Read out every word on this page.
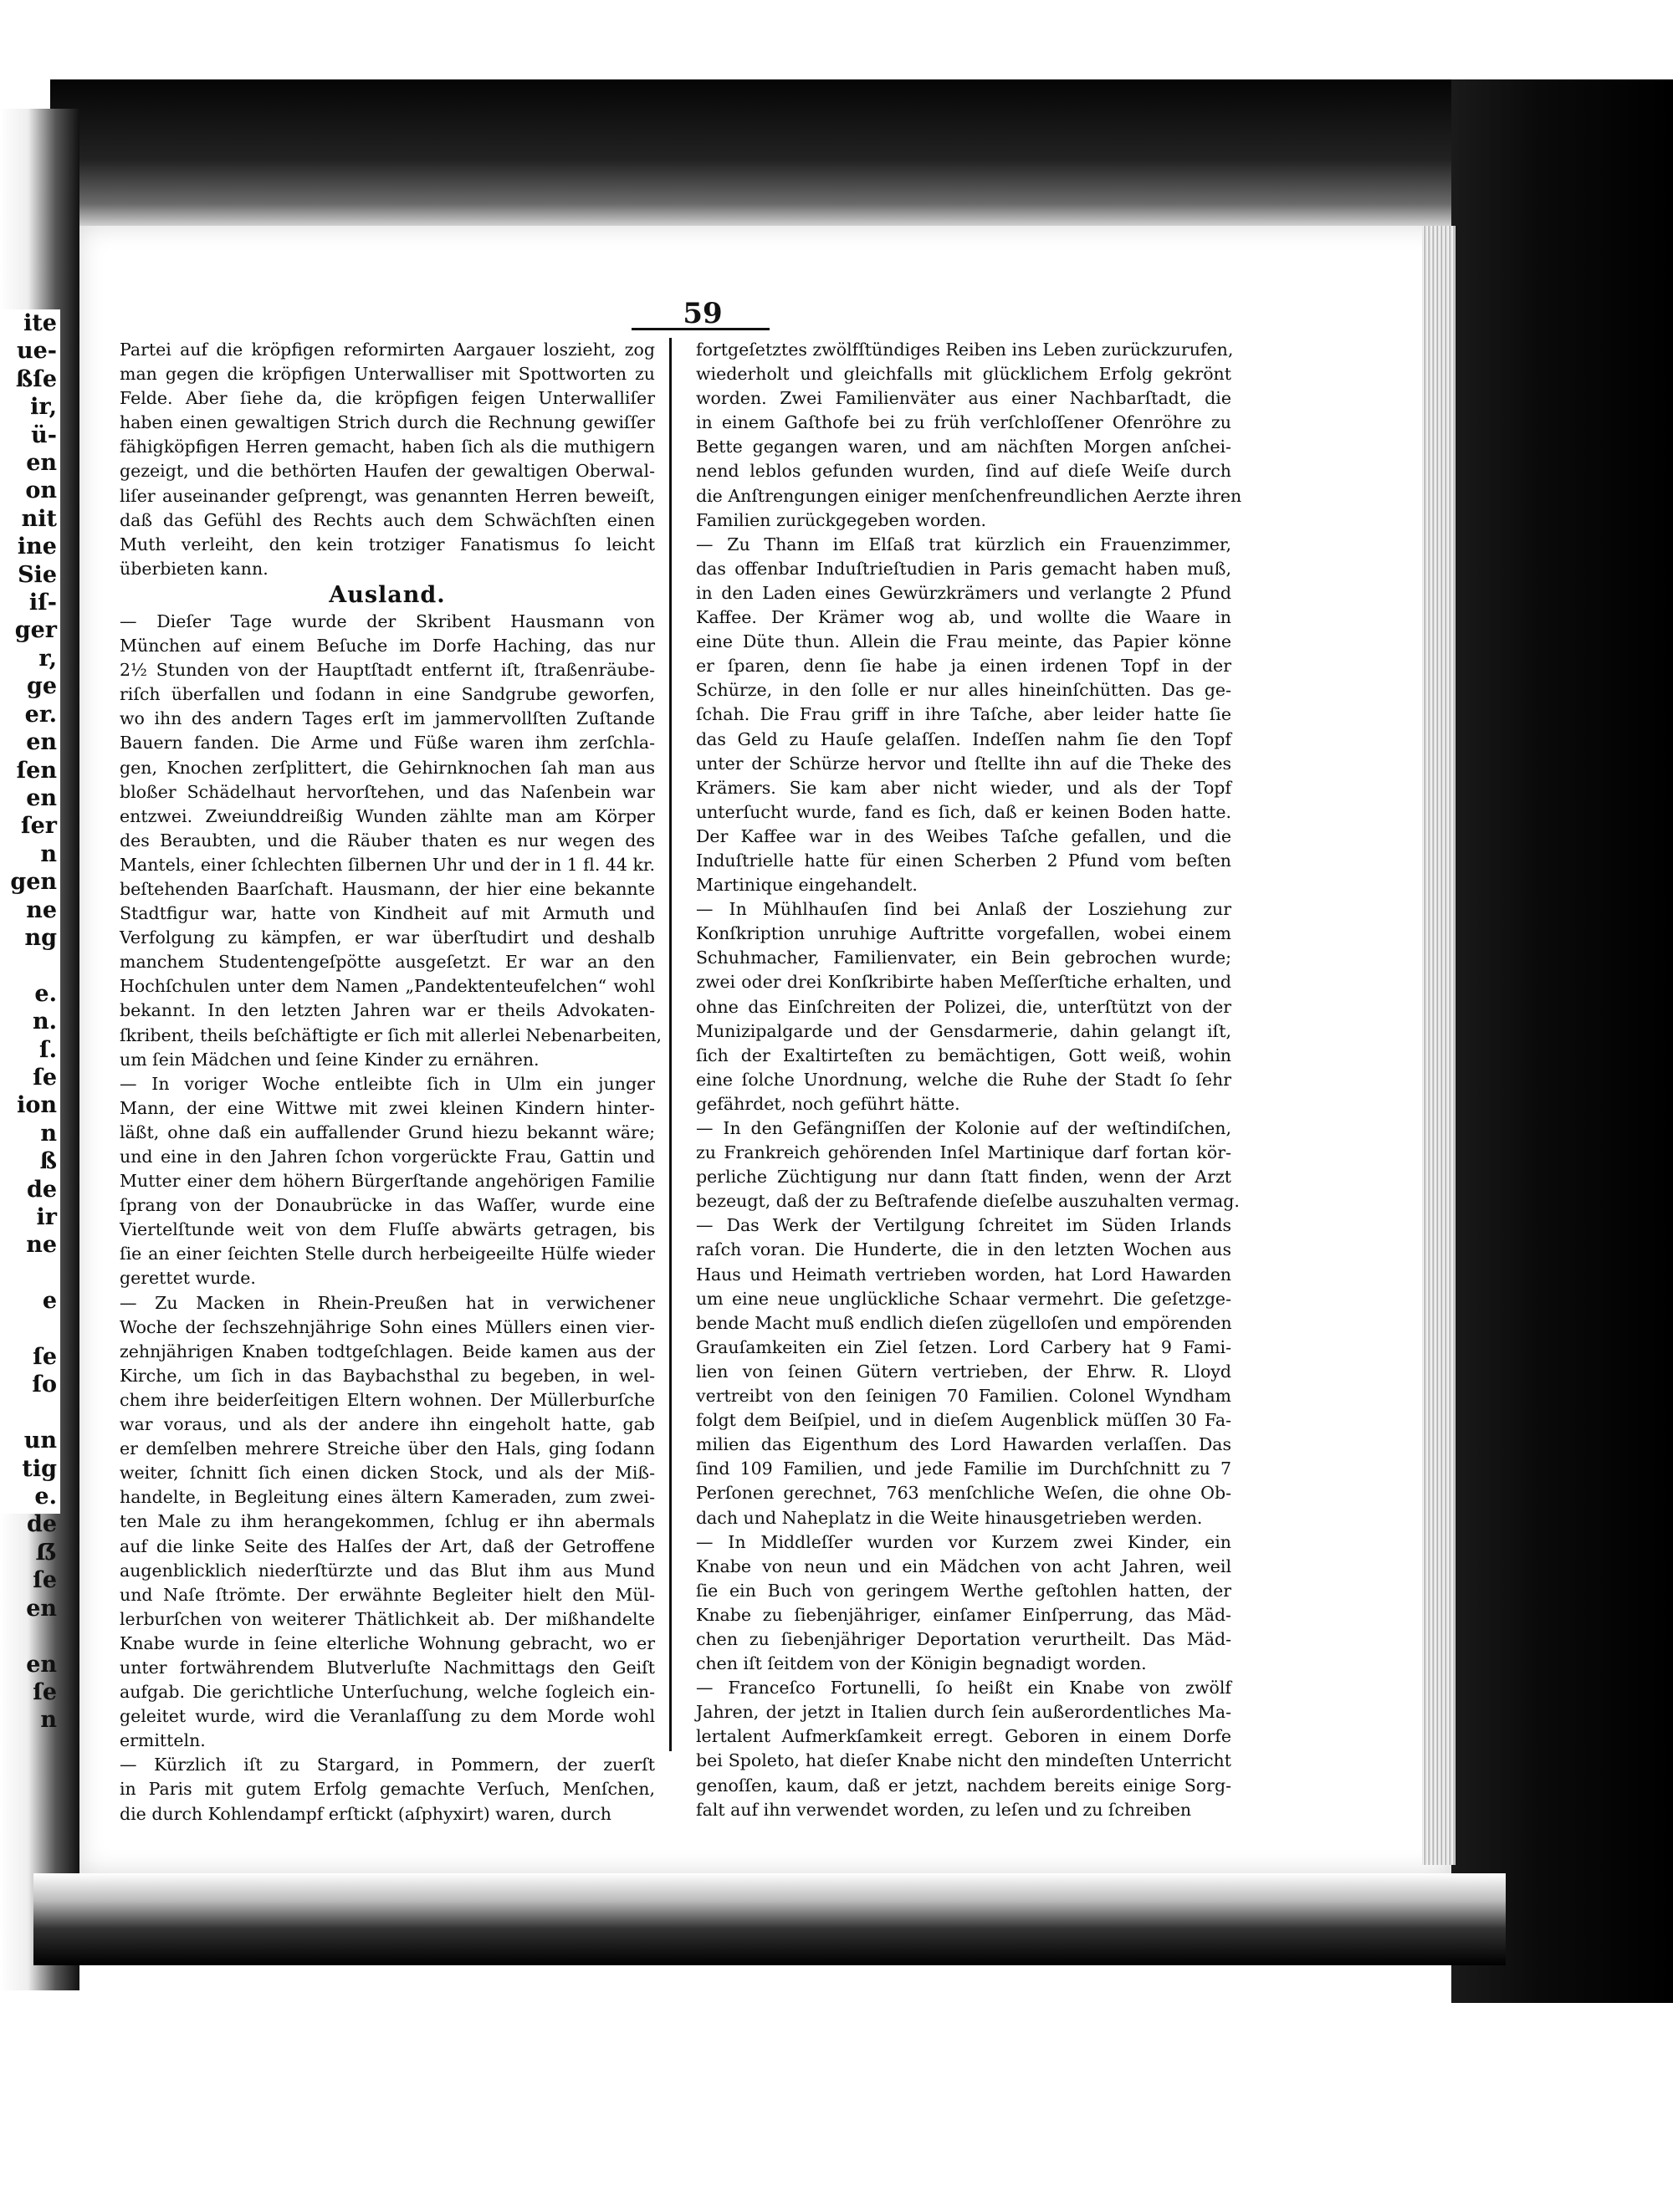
ite
ue-
ßſe
ir,
ü-
en
on
nit
ine
Sie
iſ-
ger
r,
ge
er.
en
ſen
en
ſer
n
gen
ne
ng

e.
n.
ſ.
ſe
ion
n
ß
de
ir
ne

e

ſe
ſo

un
tig
e.
de
ẞ
ſe
en

en
ſe
n
59
Partei auf die kröpfigen reformirten Aargauer loszieht, zog
man gegen die kröpfigen Unterwalliser mit Spottworten zu
Felde. Aber ſiehe da, die kröpfigen feigen Unterwalliſer
haben einen gewaltigen Strich durch die Rechnung gewiſſer
fähigköpfigen Herren gemacht, haben ſich als die muthigern
gezeigt, und die bethörten Haufen der gewaltigen Oberwal-
liſer auseinander geſprengt, was genannten Herren beweiſt,
daß das Gefühl des Rechts auch dem Schwächſten einen
Muth verleiht, den kein trotziger Fanatismus ſo leicht
überbieten kann.
Ausland.
— Dieſer Tage wurde der Skribent Hausmann von
München auf einem Beſuche im Dorfe Haching, das nur
2½ Stunden von der Hauptſtadt entfernt iſt, ſtraßenräube-
riſch überfallen und ſodann in eine Sandgrube geworfen,
wo ihn des andern Tages erſt im jammervollſten Zuſtande
Bauern fanden. Die Arme und Füße waren ihm zerſchla-
gen, Knochen zerſplittert, die Gehirnknochen ſah man aus
bloßer Schädelhaut hervorſtehen, und das Naſenbein war
entzwei. Zweiunddreißig Wunden zählte man am Körper
des Beraubten, und die Räuber thaten es nur wegen des
Mantels, einer ſchlechten ſilbernen Uhr und der in 1 fl. 44 kr.
beſtehenden Baarſchaft. Hausmann, der hier eine bekannte
Stadtfigur war, hatte von Kindheit auf mit Armuth und
Verfolgung zu kämpfen, er war überſtudirt und deshalb
manchem Studentengeſpötte ausgeſetzt. Er war an den
Hochſchulen unter dem Namen „Pandektenteufelchen“ wohl
bekannt. In den letzten Jahren war er theils Advokaten-
ſkribent, theils beſchäftigte er ſich mit allerlei Nebenarbeiten,
um ſein Mädchen und ſeine Kinder zu ernähren.
— In voriger Woche entleibte ſich in Ulm ein junger
Mann, der eine Wittwe mit zwei kleinen Kindern hinter-
läßt, ohne daß ein auffallender Grund hiezu bekannt wäre;
und eine in den Jahren ſchon vorgerückte Frau, Gattin und
Mutter einer dem höhern Bürgerſtande angehörigen Familie
ſprang von der Donaubrücke in das Waſſer, wurde eine
Viertelſtunde weit von dem Fluſſe abwärts getragen, bis
ſie an einer ſeichten Stelle durch herbeigeeilte Hülfe wieder
gerettet wurde.
— Zu Macken in Rhein-Preußen hat in verwichener
Woche der ſechszehnjährige Sohn eines Müllers einen vier-
zehnjährigen Knaben todtgeſchlagen. Beide kamen aus der
Kirche, um ſich in das Baybachsthal zu begeben, in wel-
chem ihre beiderſeitigen Eltern wohnen. Der Müllerburſche
war voraus, und als der andere ihn eingeholt hatte, gab
er demſelben mehrere Streiche über den Hals, ging ſodann
weiter, ſchnitt ſich einen dicken Stock, und als der Miß-
handelte, in Begleitung eines ältern Kameraden, zum zwei-
ten Male zu ihm herangekommen, ſchlug er ihn abermals
auf die linke Seite des Halſes der Art, daß der Getroffene
augenblicklich niederſtürzte und das Blut ihm aus Mund
und Naſe ſtrömte. Der erwähnte Begleiter hielt den Mül-
lerburſchen von weiterer Thätlichkeit ab. Der mißhandelte
Knabe wurde in ſeine elterliche Wohnung gebracht, wo er
unter fortwährendem Blutverluſte Nachmittags den Geiſt
aufgab. Die gerichtliche Unterſuchung, welche ſogleich ein-
geleitet wurde, wird die Veranlaſſung zu dem Morde wohl
ermitteln.
— Kürzlich iſt zu Stargard, in Pommern, der zuerſt
in Paris mit gutem Erfolg gemachte Verſuch, Menſchen,
die durch Kohlendampf erſtickt (aſphyxirt) waren, durch
fortgeſetztes zwölfſtündiges Reiben ins Leben zurückzurufen,
wiederholt und gleichfalls mit glücklichem Erfolg gekrönt
worden. Zwei Familienväter aus einer Nachbarſtadt, die
in einem Gaſthofe bei zu früh verſchloſſener Ofenröhre zu
Bette gegangen waren, und am nächſten Morgen anſchei-
nend leblos gefunden wurden, ſind auf dieſe Weiſe durch
die Anſtrengungen einiger menſchenfreundlichen Aerzte ihren
Familien zurückgegeben worden.
— Zu Thann im Elſaß trat kürzlich ein Frauenzimmer,
das offenbar Induſtrieſtudien in Paris gemacht haben muß,
in den Laden eines Gewürzkrämers und verlangte 2 Pfund
Kaffee. Der Krämer wog ab, und wollte die Waare in
eine Düte thun. Allein die Frau meinte, das Papier könne
er ſparen, denn ſie habe ja einen irdenen Topf in der
Schürze, in den ſolle er nur alles hineinſchütten. Das ge-
ſchah. Die Frau griff in ihre Taſche, aber leider hatte ſie
das Geld zu Hauſe gelaſſen. Indeſſen nahm ſie den Topf
unter der Schürze hervor und ſtellte ihn auf die Theke des
Krämers. Sie kam aber nicht wieder, und als der Topf
unterſucht wurde, fand es ſich, daß er keinen Boden hatte.
Der Kaffee war in des Weibes Taſche gefallen, und die
Induſtrielle hatte für einen Scherben 2 Pfund vom beſten
Martinique eingehandelt.
— In Mühlhauſen ſind bei Anlaß der Losziehung zur
Konſkription unruhige Auftritte vorgefallen, wobei einem
Schuhmacher, Familienvater, ein Bein gebrochen wurde;
zwei oder drei Konſkribirte haben Meſſerſtiche erhalten, und
ohne das Einſchreiten der Polizei, die, unterſtützt von der
Munizipalgarde und der Gensdarmerie, dahin gelangt iſt,
ſich der Exaltirteſten zu bemächtigen, Gott weiß, wohin
eine ſolche Unordnung, welche die Ruhe der Stadt ſo ſehr
gefährdet, noch geführt hätte.
— In den Gefängniſſen der Kolonie auf der weſtindiſchen,
zu Frankreich gehörenden Inſel Martinique darf fortan kör-
perliche Züchtigung nur dann ſtatt finden, wenn der Arzt
bezeugt, daß der zu Beſtrafende dieſelbe auszuhalten vermag.
— Das Werk der Vertilgung ſchreitet im Süden Irlands
raſch voran. Die Hunderte, die in den letzten Wochen aus
Haus und Heimath vertrieben worden, hat Lord Hawarden
um eine neue unglückliche Schaar vermehrt. Die geſetzge-
bende Macht muß endlich dieſen zügelloſen und empörenden
Grauſamkeiten ein Ziel ſetzen. Lord Carbery hat 9 Fami-
lien von ſeinen Gütern vertrieben, der Ehrw. R. Lloyd
vertreibt von den ſeinigen 70 Familien. Colonel Wyndham
folgt dem Beiſpiel, und in dieſem Augenblick müſſen 30 Fa-
milien das Eigenthum des Lord Hawarden verlaſſen. Das
ſind 109 Familien, und jede Familie im Durchſchnitt zu 7
Perſonen gerechnet, 763 menſchliche Weſen, die ohne Ob-
dach und Naheplatz in die Weite hinausgetrieben werden.
— In Middleſſer wurden vor Kurzem zwei Kinder, ein
Knabe von neun und ein Mädchen von acht Jahren, weil
ſie ein Buch von geringem Werthe geſtohlen hatten, der
Knabe zu ſiebenjähriger, einſamer Einſperrung, das Mäd-
chen zu ſiebenjähriger Deportation verurtheilt. Das Mäd-
chen iſt ſeitdem von der Königin begnadigt worden.
— Franceſco Fortunelli, ſo heißt ein Knabe von zwölf
Jahren, der jetzt in Italien durch ſein außerordentliches Ma-
lertalent Aufmerkſamkeit erregt. Geboren in einem Dorfe
bei Spoleto, hat dieſer Knabe nicht den mindeſten Unterricht
genoſſen, kaum, daß er jetzt, nachdem bereits einige Sorg-
falt auf ihn verwendet worden, zu leſen und zu ſchreiben
